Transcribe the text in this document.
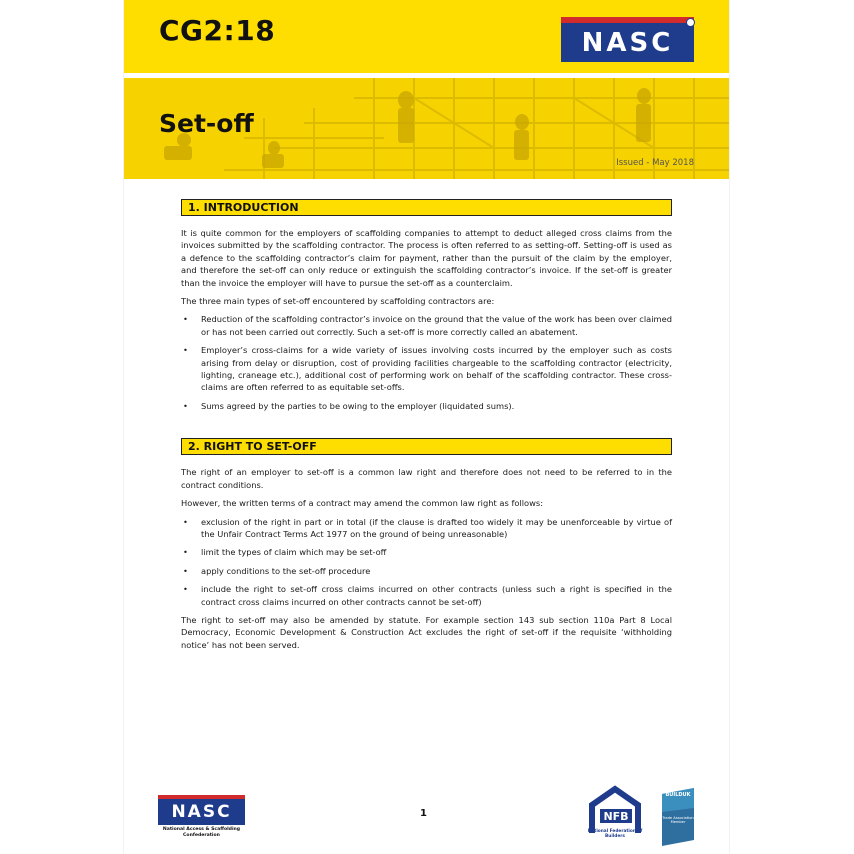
CG2:18	NASC
Set-off
Issued - May 2018
1. INTRODUCTION

It is quite common for the employers of scaffolding companies to attempt to deduct alleged cross claims from the invoices submitted by the scaffolding contractor. The process is often referred to as setting-off. Setting-off is used as a defence to the scaffolding contractor’s claim for payment, rather than the pursuit of the claim by the employer, and therefore the set-off can only reduce or extinguish the scaffolding contractor’s invoice. If the set-off is greater than the invoice the employer will have to pursue the set-off as a counterclaim.

The three main types of set-off encountered by scaffolding contractors are:

• Reduction of the scaffolding contractor’s invoice on the ground that the value of the work has been over claimed or has not been carried out correctly. Such a set-off is more correctly called an abatement.
• Employer’s cross-claims for a wide variety of issues involving costs incurred by the employer such as costs arising from delay or disruption, cost of providing facilities chargeable to the scaffolding contractor (electricity, lighting, craneage etc.), additional cost of performing work on behalf of the scaffolding contractor. These cross-claims are often referred to as equitable set-offs.
• Sums agreed by the parties to be owing to the employer (liquidated sums).
2. RIGHT TO SET-OFF

The right of an employer to set-off is a common law right and therefore does not need to be referred to in the contract conditions.

However, the written terms of a contract may amend the common law right as follows:

• exclusion of the right in part or in total (if the clause is drafted too widely it may be unenforceable by virtue of the Unfair Contract Terms Act 1977 on the ground of being unreasonable)
• limit the types of claim which may be set-off
• apply conditions to the set-off procedure
• include the right to set-off cross claims incurred on other contracts (unless such a right is specified in the contract cross claims incurred on other contracts cannot be set-off)

The right to set-off may also be amended by statute. For example section 143 sub section 110a Part 8 Local Democracy, Economic Development & Construction Act excludes the right of set-off if the requisite ‘withholding notice’ has not been served.

NASC
National Access & Scaffolding
Confederation
1	NFB
National Federation of Builders
BUILDUK
Trade Association Member
